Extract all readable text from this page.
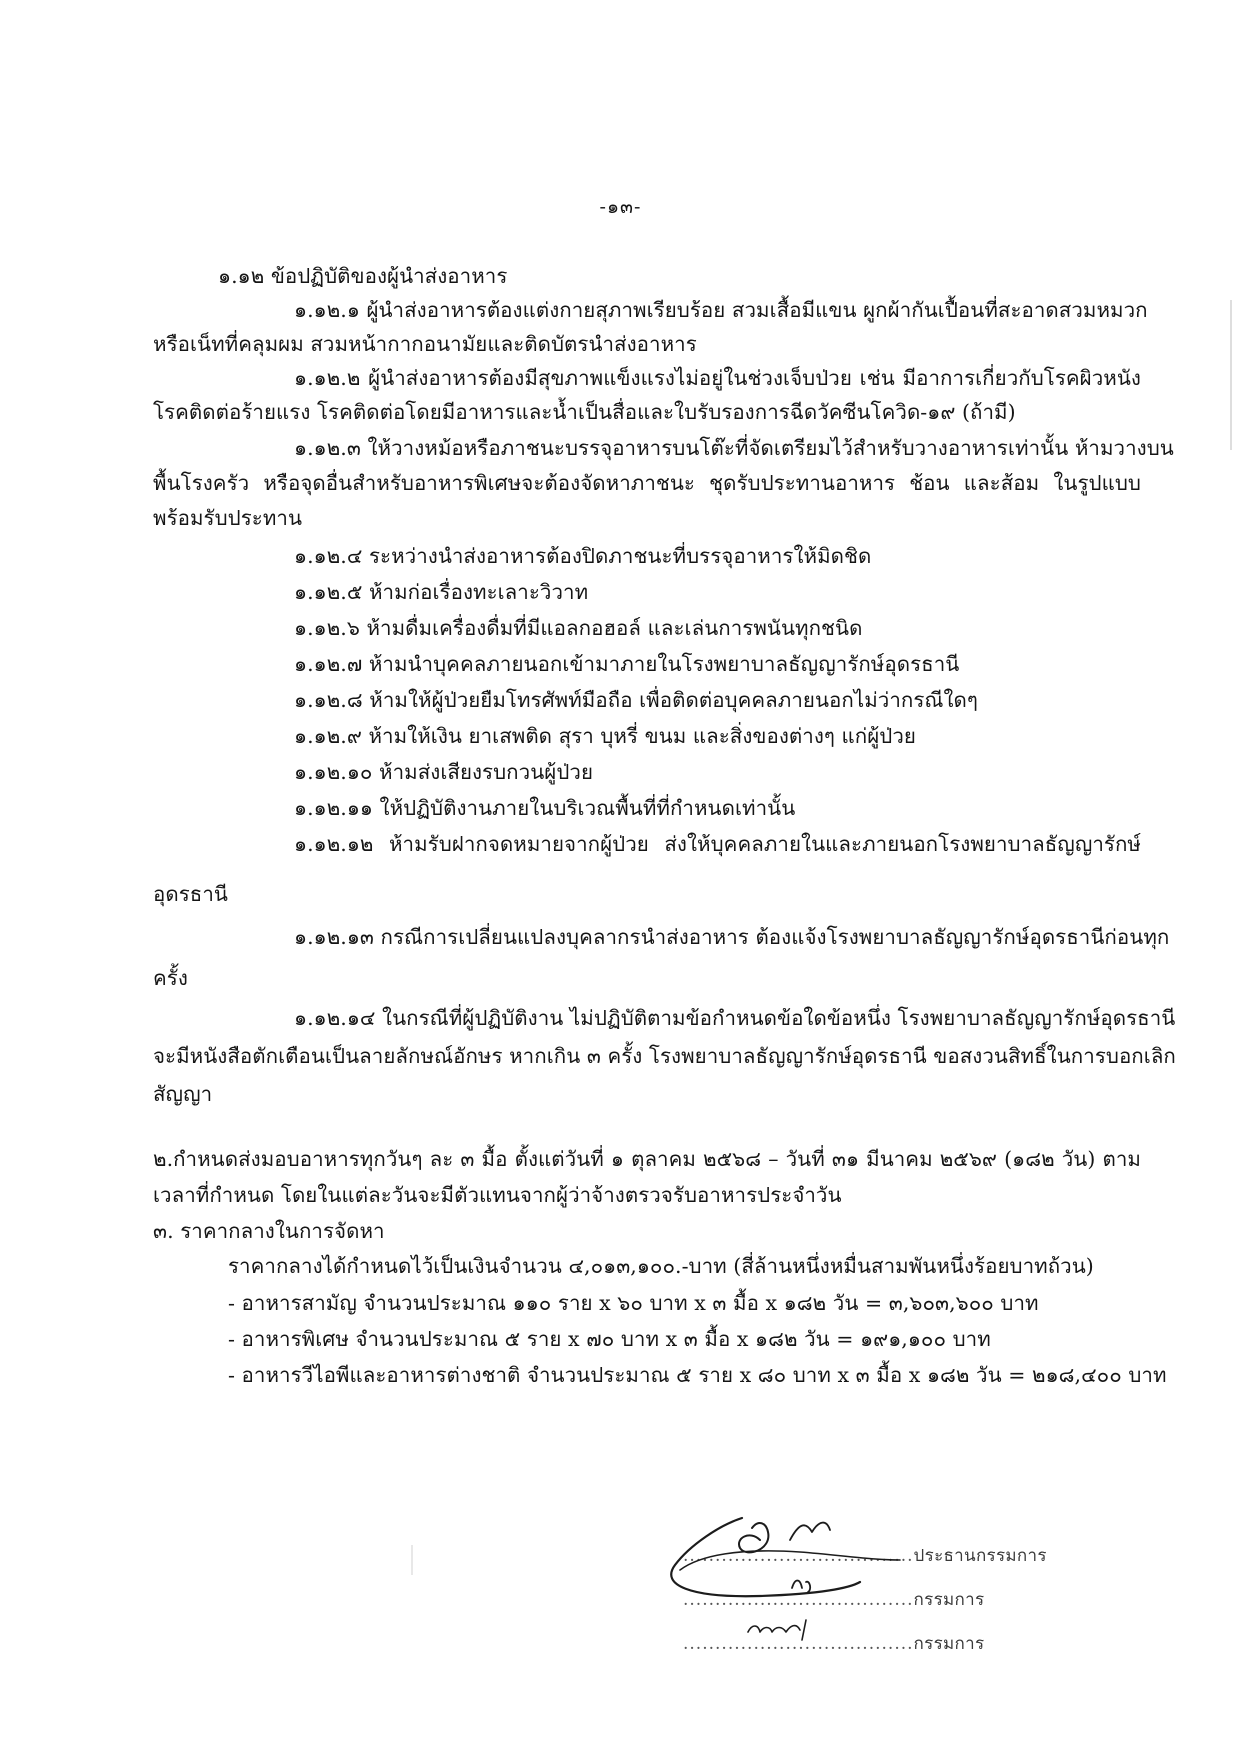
-๑๓-
๑.๑๒ ข้อปฏิบัติของผู้นำส่งอาหาร
๑.๑๒.๑ ผู้นำส่งอาหารต้องแต่งกายสุภาพเรียบร้อย สวมเสื้อมีแขน ผูกผ้ากันเปื้อนที่สะอาดสวมหมวก
หรือเน็ทที่คลุมผม สวมหน้ากากอนามัยและติดบัตรนำส่งอาหาร
๑.๑๒.๒ ผู้นำส่งอาหารต้องมีสุขภาพแข็งแรงไม่อยู่ในช่วงเจ็บป่วย เช่น มีอาการเกี่ยวกับโรคผิวหนัง
โรคติดต่อร้ายแรง โรคติดต่อโดยมีอาหารและน้ำเป็นสื่อและใบรับรองการฉีดวัคซีนโควิด-๑๙ (ถ้ามี)
๑.๑๒.๓ ให้วางหม้อหรือภาชนะบรรจุอาหารบนโต๊ะที่จัดเตรียมไว้สำหรับวางอาหารเท่านั้น ห้ามวางบน
พื้นโรงครัว หรือจุดอื่นสำหรับอาหารพิเศษจะต้องจัดหาภาชนะ ชุดรับประทานอาหาร ช้อน และส้อม ในรูปแบบ
พร้อมรับประทาน
๑.๑๒.๔ ระหว่างนำส่งอาหารต้องปิดภาชนะที่บรรจุอาหารให้มิดชิด
๑.๑๒.๕ ห้ามก่อเรื่องทะเลาะวิวาท
๑.๑๒.๖ ห้ามดื่มเครื่องดื่มที่มีแอลกอฮอล์ และเล่นการพนันทุกชนิด
๑.๑๒.๗ ห้ามนำบุคคลภายนอกเข้ามาภายในโรงพยาบาลธัญญารักษ์อุดรธานี
๑.๑๒.๘ ห้ามให้ผู้ป่วยยืมโทรศัพท์มือถือ เพื่อติดต่อบุคคลภายนอกไม่ว่ากรณีใดๆ
๑.๑๒.๙ ห้ามให้เงิน ยาเสพติด สุรา บุหรี่ ขนม และสิ่งของต่างๆ แก่ผู้ป่วย
๑.๑๒.๑๐ ห้ามส่งเสียงรบกวนผู้ป่วย
๑.๑๒.๑๑ ให้ปฏิบัติงานภายในบริเวณพื้นที่ที่กำหนดเท่านั้น
๑.๑๒.๑๒ ห้ามรับฝากจดหมายจากผู้ป่วย ส่งให้บุคคลภายในและภายนอกโรงพยาบาลธัญญารักษ์
อุดรธานี
๑.๑๒.๑๓ กรณีการเปลี่ยนแปลงบุคลากรนำส่งอาหาร ต้องแจ้งโรงพยาบาลธัญญารักษ์อุดรธานีก่อนทุก
ครั้ง
๑.๑๒.๑๔ ในกรณีที่ผู้ปฏิบัติงาน ไม่ปฏิบัติตามข้อกำหนดข้อใดข้อหนึ่ง โรงพยาบาลธัญญารักษ์อุดรธานี
จะมีหนังสือตักเตือนเป็นลายลักษณ์อักษร หากเกิน ๓ ครั้ง โรงพยาบาลธัญญารักษ์อุดรธานี ขอสงวนสิทธิ์ในการบอกเลิก
สัญญา
๒.กำหนดส่งมอบอาหารทุกวันๆ ละ ๓ มื้อ ตั้งแต่วันที่ ๑ ตุลาคม ๒๕๖๘ – วันที่ ๓๑ มีนาคม ๒๕๖๙ (๑๘๒ วัน) ตาม
เวลาที่กำหนด โดยในแต่ละวันจะมีตัวแทนจากผู้ว่าจ้างตรวจรับอาหารประจำวัน
๓. ราคากลางในการจัดหา
ราคากลางได้กำหนดไว้เป็นเงินจำนวน ๔,๐๑๓,๑๐๐.-บาท (สี่ล้านหนึ่งหมื่นสามพันหนึ่งร้อยบาทถ้วน)
- อาหารสามัญ จำนวนประมาณ ๑๑๐ ราย x ๖๐ บาท x ๓ มื้อ x ๑๘๒ วัน = ๓,๖๐๓,๖๐๐ บาท
- อาหารพิเศษ จำนวนประมาณ ๕ ราย x ๗๐ บาท x ๓ มื้อ x ๑๘๒ วัน = ๑๙๑,๑๐๐ บาท
- อาหารวีไอพีและอาหารต่างชาติ จำนวนประมาณ ๕ ราย x ๘๐ บาท x ๓ มื้อ x ๑๘๒ วัน = ๒๑๘,๔๐๐ บาท
....................................ประธานกรรมการ
....................................กรรมการ
....................................กรรมการ
